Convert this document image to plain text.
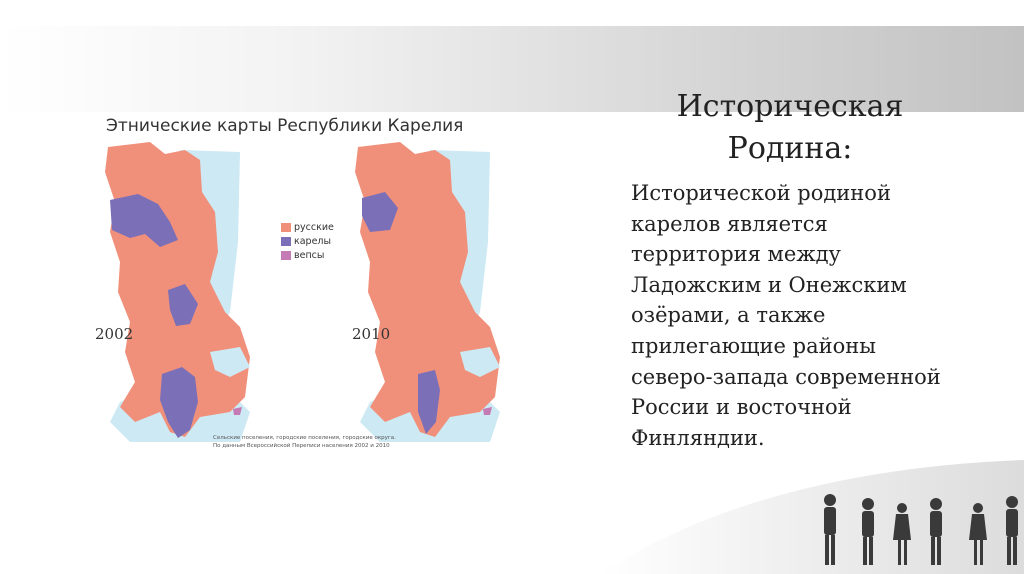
Этнические карты Республики Карелия
русские
карелы
вепсы
2002	2010
Сельские поселения, городские поселения, городские округа.
По данным Всероссийской Переписи населения 2002 и 2010
Историческая
Родина:
Исторической родиной
карелов является
территория между
Ладожским и Онежским
озёрами, а также
прилегающие районы
северо-запада современной
России и восточной
Финляндии.
